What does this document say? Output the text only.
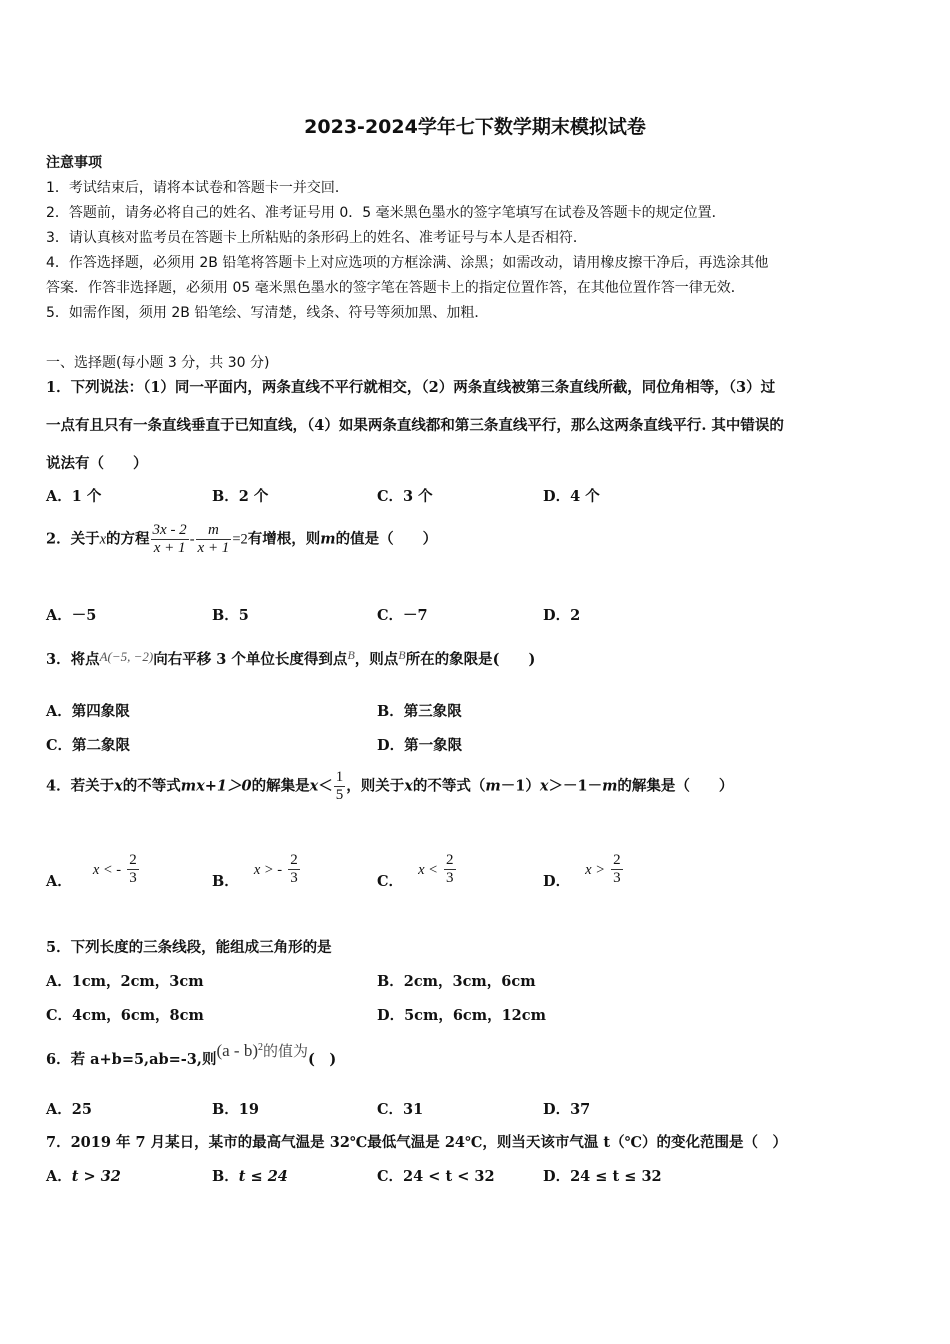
2023-2024学年七下数学期末模拟试卷
注意事项
1．考试结束后，请将本试卷和答题卡一并交回．
2．答题前，请务必将自己的姓名、准考证号用 0．5 毫米黑色墨水的签字笔填写在试卷及答题卡的规定位置．
3．请认真核对监考员在答题卡上所粘贴的条形码上的姓名、准考证号与本人是否相符．
4．作答选择题，必须用 2B 铅笔将答题卡上对应选项的方框涂满、涂黑；如需改动，请用橡皮擦干净后，再选涂其他
答案．作答非选择题，必须用 05 毫米黑色墨水的签字笔在答题卡上的指定位置作答，在其他位置作答一律无效．
5．如需作图，须用 2B 铅笔绘、写清楚，线条、符号等须加黑、加粗．
一、选择题(每小题 3 分，共 30 分)
1．下列说法：（1）同一平面内，两条直线不平行就相交，（2）两条直线被第三条直线所截，同位角相等，（3）过
一点有且只有一条直线垂直于已知直线，（4）如果两条直线都和第三条直线平行，那么这两条直线平行. 其中错误的
说法有（　　）
A．1 个	B．2 个	C．3 个	D．4 个
2．关于x的方程 $\frac{3x - 2}{x + 1} - \frac{m}{x + 1} =2$有增根，则m的值是（　　）
A．－5	B．5	C．－7	D．2
3．将点A(−5, −2)向右平移 3 个单位长度得到点$^B$，则点$^B$所在的象限是(　　)
A．第四象限	B．第三象限
C．第二象限	D．第一象限
4．若关于x的不等式mx+1＞0的解集是$x< \frac{1}{5}$ ，则关于x的不等式（m－1）x＞－1－m的解集是（　　）
A． x < - $\frac{2}{3}$	B． x > - $\frac{2}{3}$	C． $x < \frac{2}{3}$	D． $x > \frac{2}{3}$
5．下列长度的三条线段，能组成三角形的是
A．1cm，2cm，3cm	B．2cm，3cm，6cm
C．4cm，6cm，8cm	D．5cm，6cm，12cm
6．若 a+b=5,ab=-3,则(a - b)$^2$的值为(　)
A．25	B．19	C．31	D．37
7．2019 年 7 月某日，某市的最高气温是 32℃最低气温是 24℃，则当天该市气温 t（℃）的变化范围是（　）
A．t > 32	B．t ≤ 24	C．24 < t < 32	D．24 ≤ t ≤ 32
